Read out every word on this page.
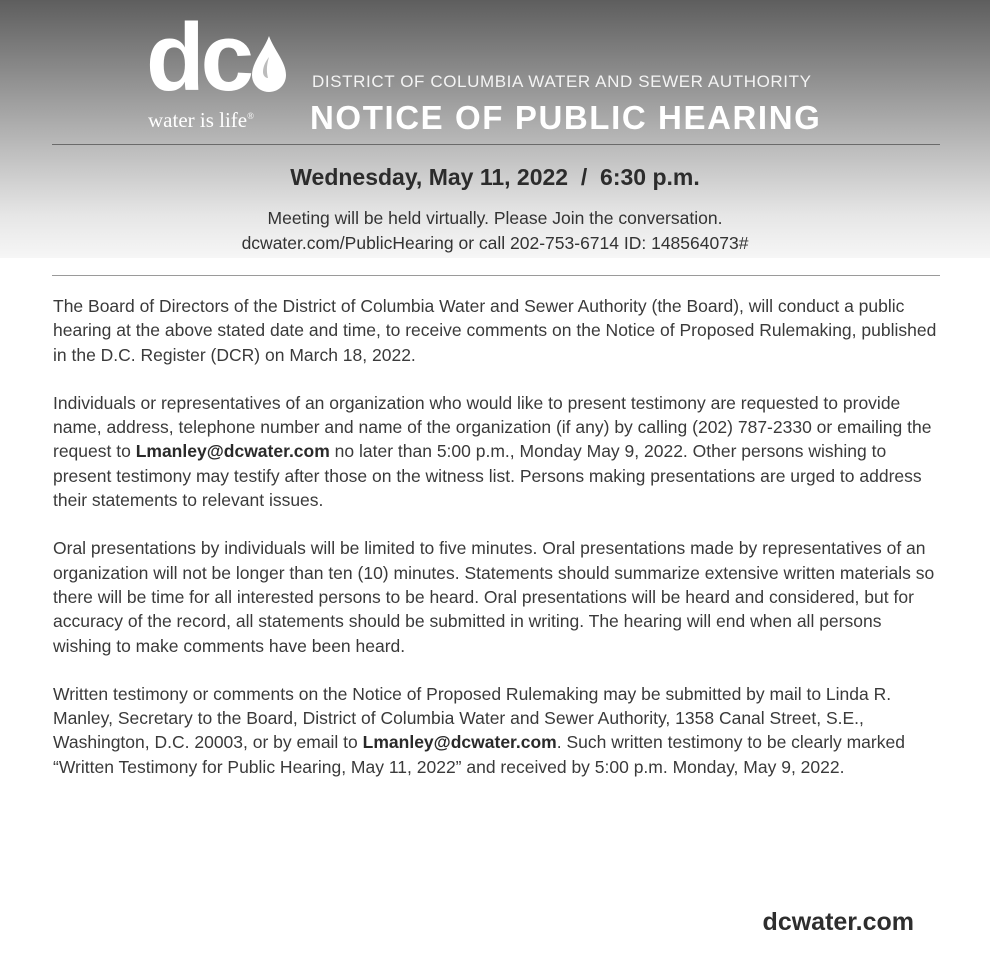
dc
water is life®
DISTRICT OF COLUMBIA WATER AND SEWER AUTHORITY
NOTICE OF PUBLIC HEARING
Wednesday, May 11, 2022  /  6:30 p.m.
Meeting will be held virtually. Please Join the conversation.
dcwater.com/PublicHearing or call 202-753-6714 ID: 148564073#

The Board of Directors of the District of Columbia Water and Sewer Authority (the Board), will conduct a public hearing at the above stated date and time, to receive comments on the Notice of Proposed Rulemaking, published in the D.C. Register (DCR) on March 18, 2022.

Individuals or representatives of an organization who would like to present testimony are requested to provide name, address, telephone number and name of the organization (if any) by calling (202) 787-2330 or emailing the request to Lmanley@dcwater.com no later than 5:00 p.m., Monday May 9, 2022. Other persons wishing to present testimony may testify after those on the witness list. Persons making presentations are urged to address their statements to relevant issues.

Oral presentations by individuals will be limited to five minutes. Oral presentations made by representatives of an organization will not be longer than ten (10) minutes. Statements should summarize extensive written materials so there will be time for all interested persons to be heard. Oral presentations will be heard and considered, but for accuracy of the record, all statements should be submitted in writing. The hearing will end when all persons wishing to make comments have been heard.

Written testimony or comments on the Notice of Proposed Rulemaking may be submitted by mail to Linda R. Manley, Secretary to the Board, District of Columbia Water and Sewer Authority, 1358 Canal Street, S.E., Washington, D.C. 20003, or by email to Lmanley@dcwater.com. Such written testimony to be clearly marked “Written Testimony for Public Hearing, May 11, 2022” and received by 5:00 p.m. Monday, May 9, 2022.

dcwater.com
